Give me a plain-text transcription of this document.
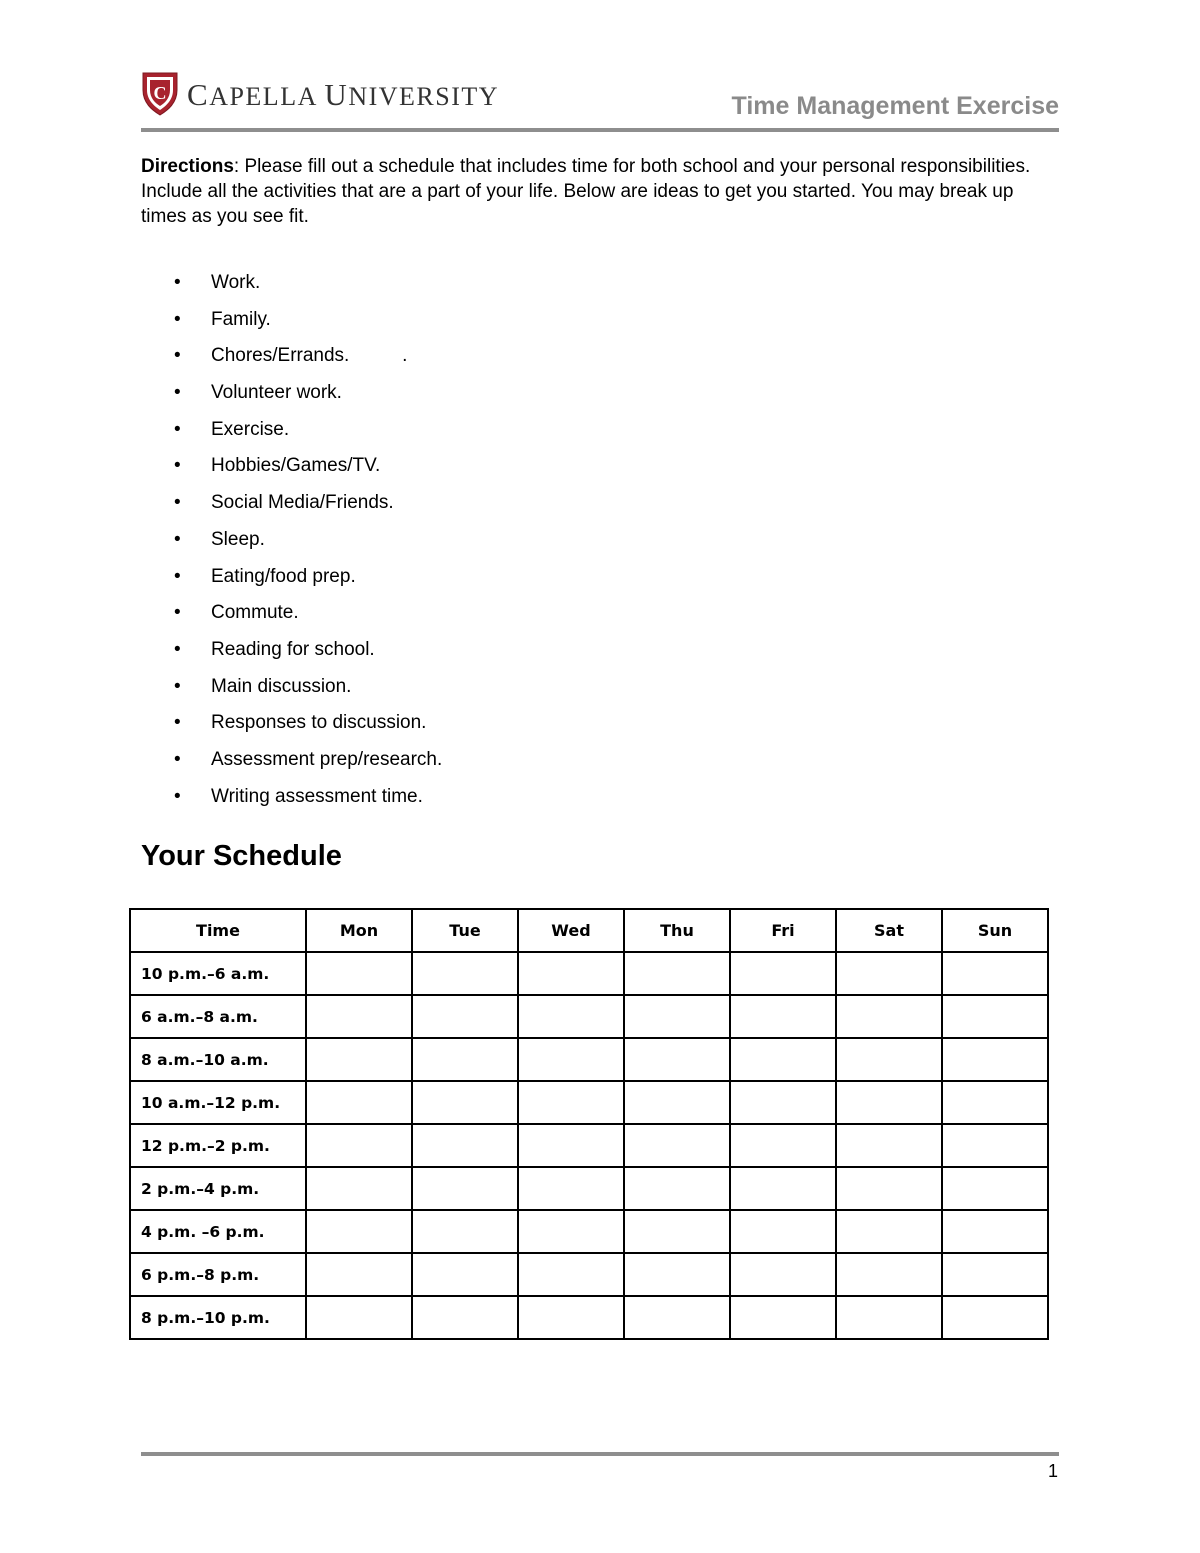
C CAPELLA UNIVERSITY	Time Management Exercise
Directions: Please fill out a schedule that includes time for both school and your personal responsibilities. Include all the activities that are a part of your life. Below are ideas to get you started. You may break up times as you see fit.
• Work.
• Family.
• Chores/Errands.          .
• Volunteer work.
• Exercise.
• Hobbies/Games/TV.
• Social Media/Friends.
• Sleep.
• Eating/food prep.
• Commute.
• Reading for school.
• Main discussion.
• Responses to discussion.
• Assessment prep/research.
• Writing assessment time.
Your Schedule
Time	Mon	Tue	Wed	Thu	Fri	Sat	Sun
10 p.m.–6 a.m.							
6 a.m.–8 a.m.							
8 a.m.–10 a.m.							
10 a.m.–12 p.m.							
12 p.m.–2 p.m.							
2 p.m.–4 p.m.							
4 p.m. –6 p.m.							
6 p.m.–8 p.m.							
8 p.m.–10 p.m.							
1
